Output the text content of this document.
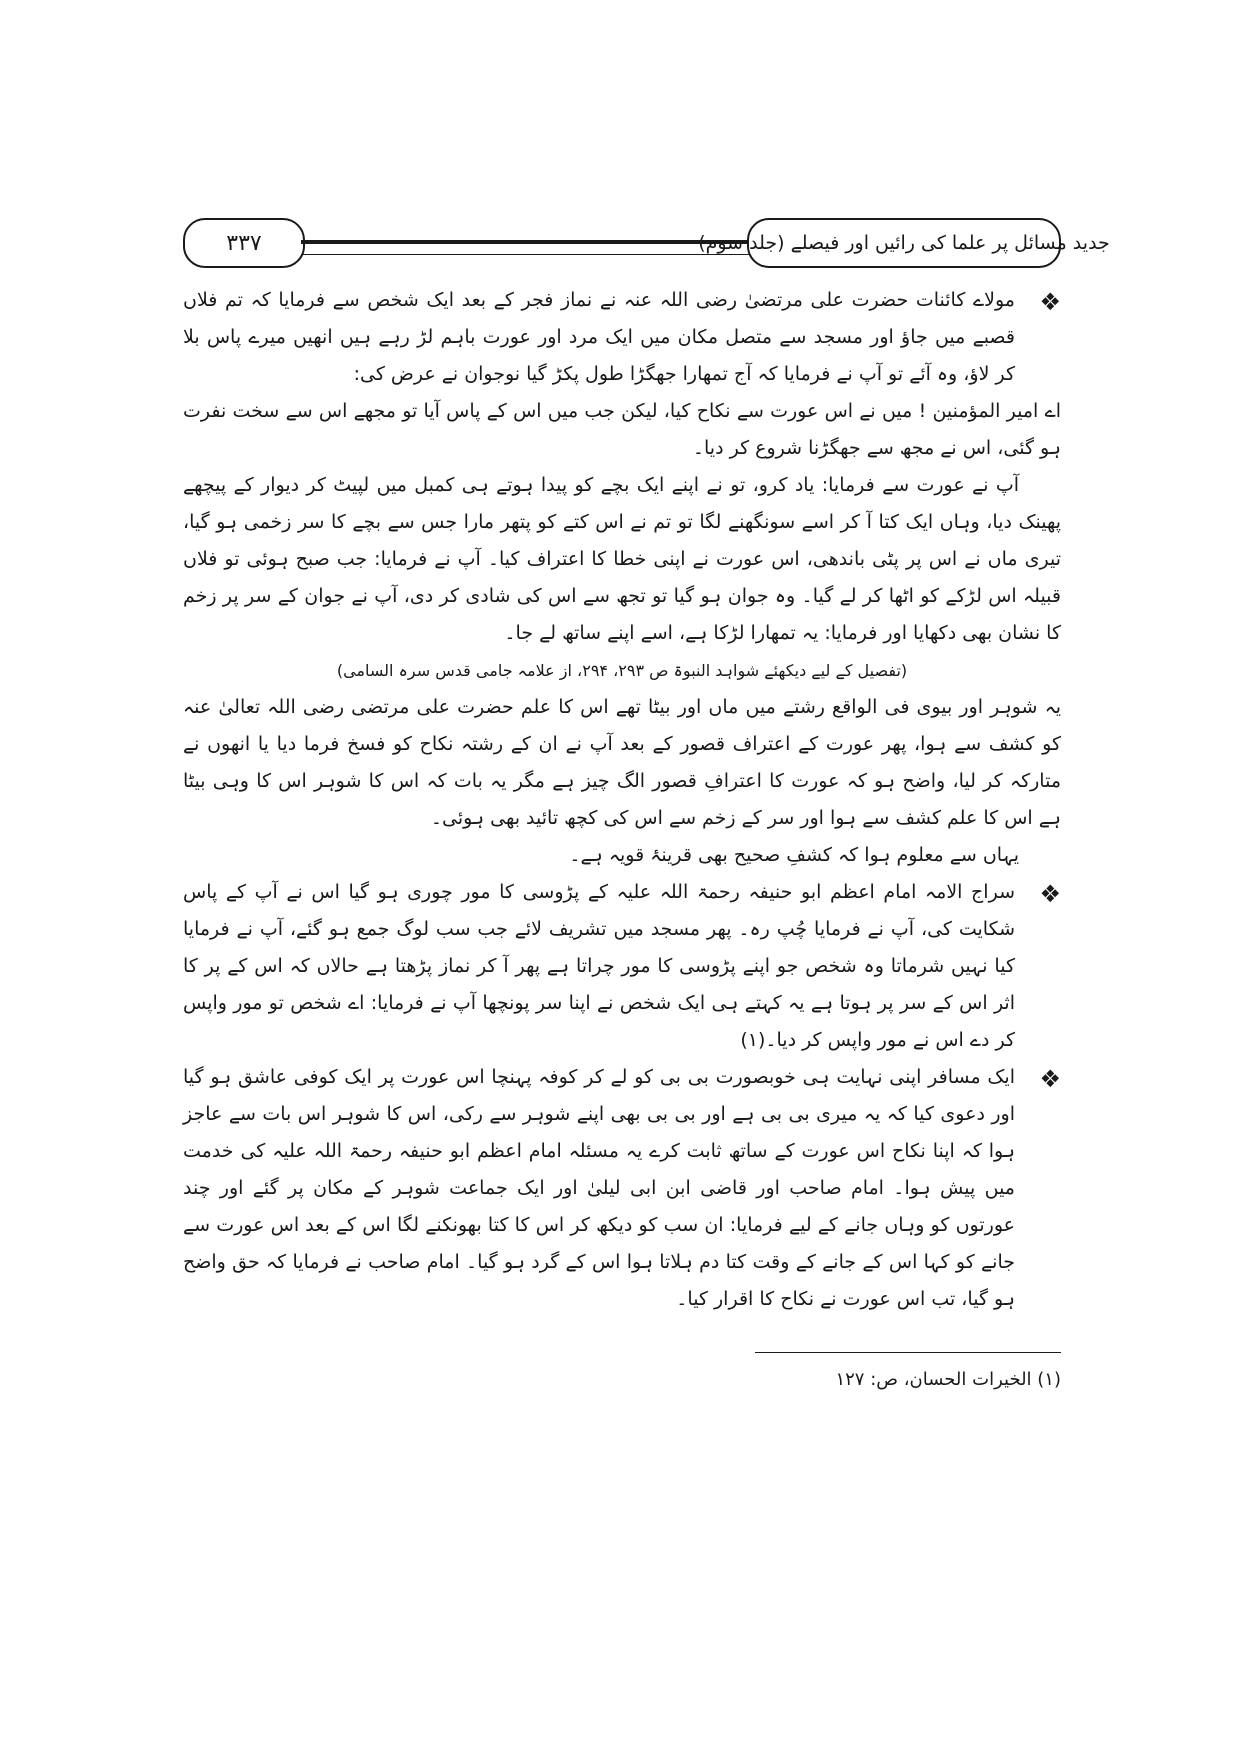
۳۳۷	جدید مسائل پر علما کی رائیں اور فیصلے (جلد سوم)

❖
مولاے کائنات حضرت علی مرتضیٰ رضی اللہ عنہ نے نماز فجر کے بعد ایک شخص سے فرمایا کہ تم فلاں قصبے میں جاؤ اور مسجد سے متصل مکان میں ایک مرد اور عورت باہم لڑ رہے ہیں انھیں میرے پاس بلا کر لاؤ، وہ آئے تو آپ نے فرمایا کہ آج تمھارا جھگڑا طول پکڑ گیا نوجوان نے عرض کی:

اے امیر المؤمنین ! میں نے اس عورت سے نکاح کیا، لیکن جب میں اس کے پاس آیا تو مجھے اس سے سخت نفرت ہو گئی، اس نے مجھ سے جھگڑنا شروع کر دیا۔

آپ نے عورت سے فرمایا: یاد کرو، تو نے اپنے ایک بچے کو پیدا ہوتے ہی کمبل میں لپیٹ کر دیوار کے پیچھے پھینک دیا، وہاں ایک کتا آ کر اسے سونگھنے لگا تو تم نے اس کتے کو پتھر مارا جس سے بچے کا سر زخمی ہو گیا، تیری ماں نے اس پر پٹی باندھی، اس عورت نے اپنی خطا کا اعتراف کیا۔ آپ نے فرمایا: جب صبح ہوئی تو فلاں قبیلہ اس لڑکے کو اٹھا کر لے گیا۔ وہ جوان ہو گیا تو تجھ سے اس کی شادی کر دی، آپ نے جوان کے سر پر زخم کا نشان بھی دکھایا اور فرمایا: یہ تمھارا لڑکا ہے، اسے اپنے ساتھ لے جا۔

(تفصیل کے لیے دیکھئے شواہد النبوۃ ص ۲۹۳، ۲۹۴، از علامہ جامی قدس سرہ السامی)

یہ شوہر اور بیوی فی الواقع رشتے میں ماں اور بیٹا تھے اس کا علم حضرت علی مرتضی رضی اللہ تعالیٰ عنہ کو کشف سے ہوا، پھر عورت کے اعتراف قصور کے بعد آپ نے ان کے رشتہ نکاح کو فسخ فرما دیا یا انھوں نے متارکہ کر لیا، واضح ہو کہ عورت کا اعترافِ قصور الگ چیز ہے مگر یہ بات کہ اس کا شوہر اس کا وہی بیٹا ہے اس کا علم کشف سے ہوا اور سر کے زخم سے اس کی کچھ تائید بھی ہوئی۔

یہاں سے معلوم ہوا کہ کشفِ صحیح بھی قرینۂ قویہ ہے۔

❖
سراج الامہ امام اعظم ابو حنیفہ رحمۃ اللہ علیہ کے پڑوسی کا مور چوری ہو گیا اس نے آپ کے پاس شکایت کی، آپ نے فرمایا چُپ رہ۔ پھر مسجد میں تشریف لائے جب سب لوگ جمع ہو گئے، آپ نے فرمایا کیا نہیں شرماتا وہ شخص جو اپنے پڑوسی کا مور چراتا ہے پھر آ کر نماز پڑھتا ہے حالاں کہ اس کے پر کا اثر اس کے سر پر ہوتا ہے یہ کہتے ہی ایک شخص نے اپنا سر پونچھا آپ نے فرمایا: اے شخص تو مور واپس کر دے اس نے مور واپس کر دیا۔(۱)

❖
ایک مسافر اپنی نہایت ہی خوبصورت بی بی کو لے کر کوفہ پہنچا اس عورت پر ایک کوفی عاشق ہو گیا اور دعوی کیا کہ یہ میری بی بی ہے اور بی بی بھی اپنے شوہر سے رکی، اس کا شوہر اس بات سے عاجز ہوا کہ اپنا نکاح اس عورت کے ساتھ ثابت کرے یہ مسئلہ امام اعظم ابو حنیفہ رحمۃ اللہ علیہ کی خدمت میں پیش ہوا۔ امام صاحب اور قاضی ابن ابی لیلیٰ اور ایک جماعت شوہر کے مکان پر گئے اور چند عورتوں کو وہاں جانے کے لیے فرمایا: ان سب کو دیکھ کر اس کا کتا بھونکنے لگا اس کے بعد اس عورت سے جانے کو کہا اس کے جانے کے وقت کتا دم ہلاتا ہوا اس کے گرد ہو گیا۔ امام صاحب نے فرمایا کہ حق واضح ہو گیا، تب اس عورت نے نکاح کا اقرار کیا۔

(۱) الخیرات الحسان، ص: ۱۲۷
